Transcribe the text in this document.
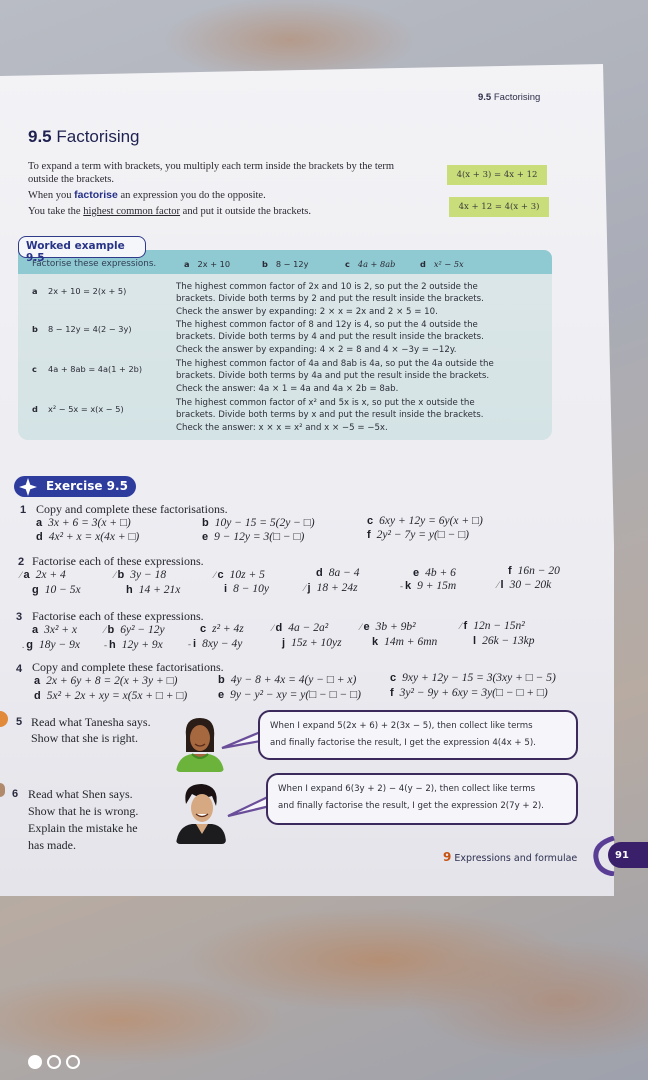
9.5 Factorising
9.5 Factorising

To expand a term with brackets, you multiply each term inside the brackets by the term outside the brackets.

When you factorise an expression you do the opposite.

You take the highest common factor and put it outside the brackets.

4(x + 3) = 4x + 12
4x + 12 = 4(x + 3)
Worked example 9.5
Factorise these expressions.	a 2x + 10	b 8 − 12y	c 4a + 8ab	d x² − 5x
a 2x + 10 = 2(x + 5)	The highest common factor of 2x and 10 is 2, so put the 2 outside the
brackets. Divide both terms by 2 and put the result inside the brackets.
Check the answer by expanding: 2 × x = 2x and 2 × 5 = 10.
b 8 − 12y = 4(2 − 3y)	The highest common factor of 8 and 12y is 4, so put the 4 outside the
brackets. Divide both terms by 4 and put the result inside the brackets.
Check the answer by expanding: 4 × 2 = 8 and 4 × −3y = −12y.
c 4a + 8ab = 4a(1 + 2b)	The highest common factor of 4a and 8ab is 4a, so put the 4a outside the
brackets. Divide both terms by 4a and put the result inside the brackets.
Check the answer: 4a × 1 = 4a and 4a × 2b = 8ab.
d x² − 5x = x(x − 5)
The highest common factor of x² and 5x is x, so put the x outside the
brackets. Divide both terms by x and put the result inside the brackets.
Check the answer: x × x = x² and x × −5 = −5x.
Exercise 9.5
1 Copy and complete these factorisations.
a 3x + 6 = 3(x + □)	b 10y − 15 = 5(2y − □)	c 6xy + 12y = 6y(x + □)
d 4x² + x = x(4x + □)	e 9 − 12y = 3(□ − □)	f 2y² − 7y = y(□ − □)
2 Factorise each of these expressions.
⁄ a 2x + 4	⁄ b 3y − 18	⁄ c 10z + 5	d 8a − 4	e 4b + 6	f 16n − 20
g 10 − 5x	h 14 + 21x	i 8 − 10y	⁄ j 18 + 24z	- k 9 + 15m	⁄ l 30 − 20k
3 Factorise each of these expressions.
a 3x² + x	⁄ b 6y² − 12y	c z² + 4z	⁄ d 4a − 2a²	⁄ e 3b + 9b²	⁄ f 12n − 15n²
. g 18y − 9x	- h 12y + 9x	- i 8xy − 4y	j 15z + 10yz	k 14m + 6mn	l 26k − 13kp
4 Copy and complete these factorisations.
a 2x + 6y + 8 = 2(x + 3y + □)	b 4y − 8 + 4x = 4(y − □ + x)	c 9xy + 12y − 15 = 3(3xy + □ − 5)
d 5x² + 2x + xy = x(5x + □ + □)	e 9y − y² − xy = y(□ − □ − □)	f 3y² − 9y + 6xy = 3y(□ − □ + □)
5 Read what Tanesha says.
Show that she is right.
When I expand 5(2x + 6) + 2(3x − 5), then collect like terms
and finally factorise the result, I get the expression 4(4x + 5).
6 Read what Shen says.
Show that he is wrong.
Explain the mistake he
has made.
When I expand 6(3y + 2) − 4(y − 2), then collect like terms
and finally factorise the result, I get the expression 2(7y + 2).
9 Expressions and formulae	91
